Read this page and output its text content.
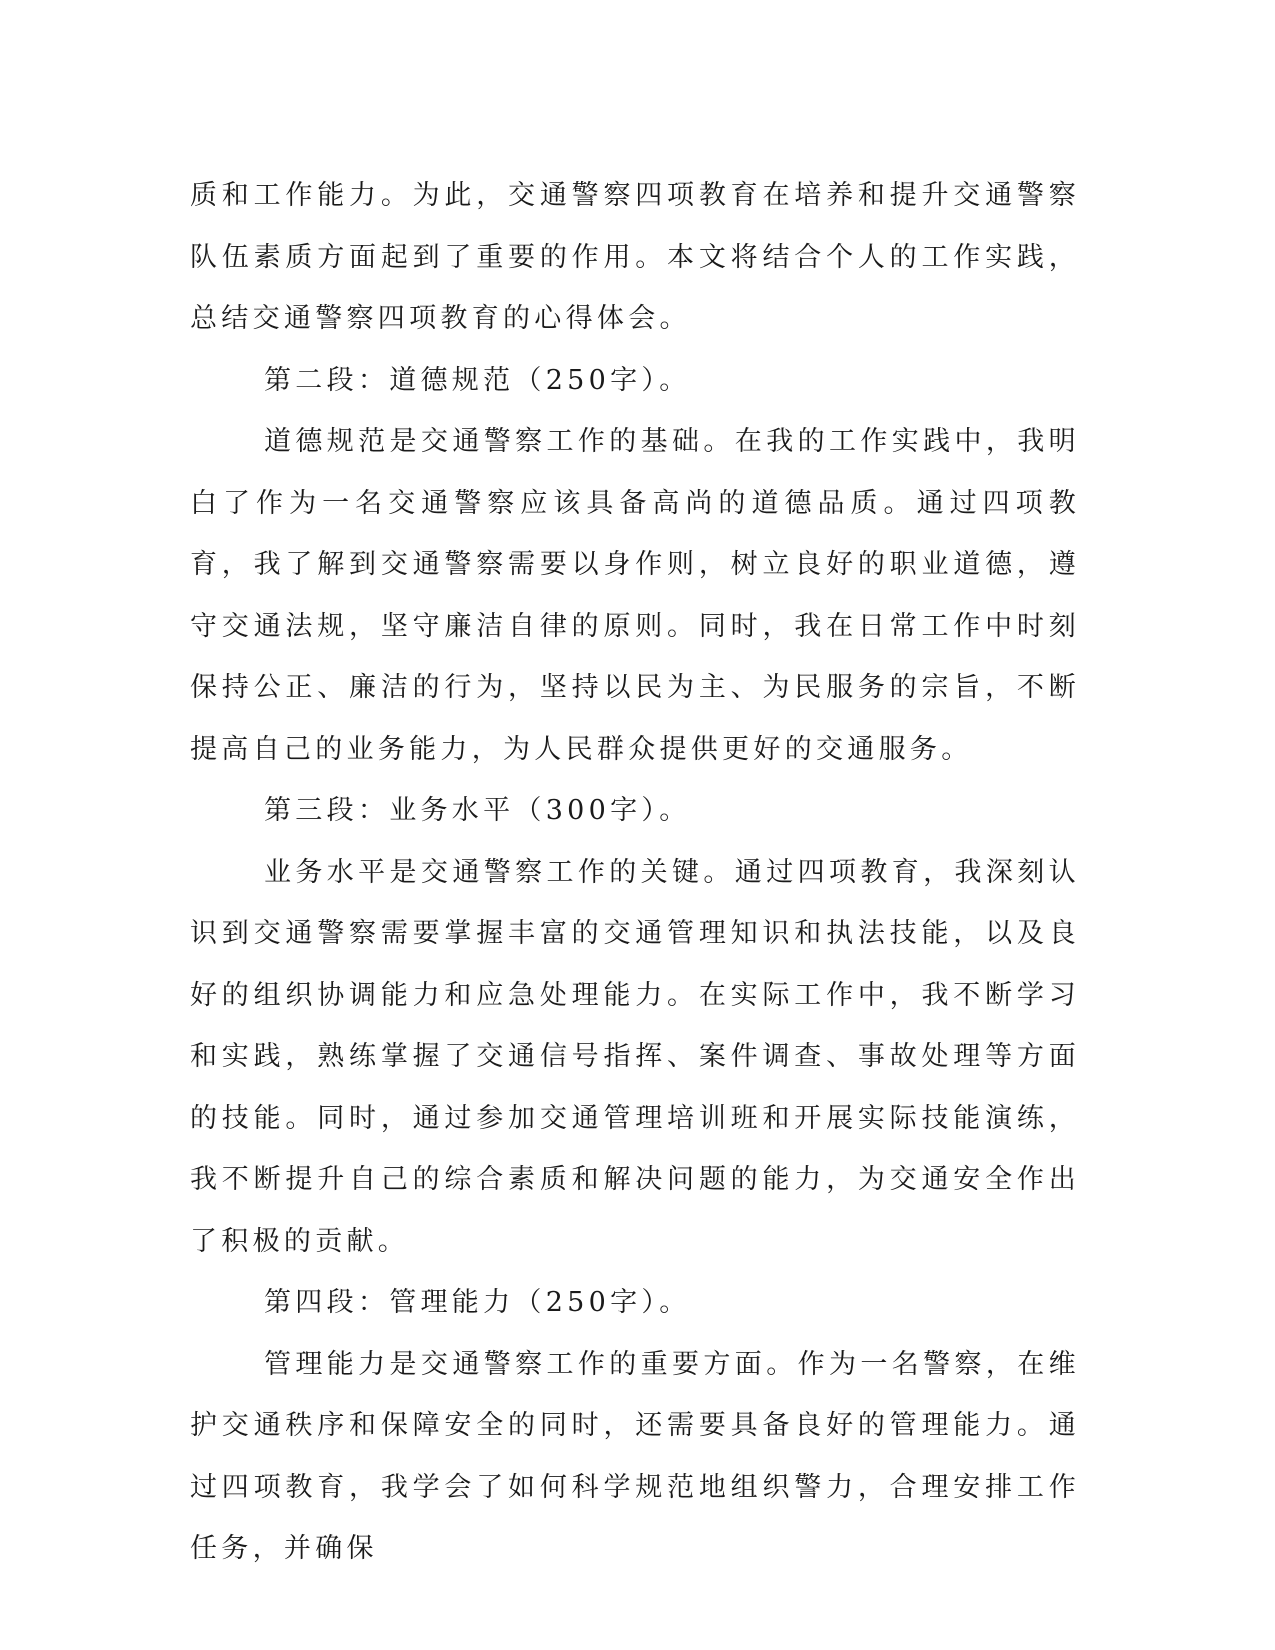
质和工作能力。为此，交通警察四项教育在培养和提升交通警察队伍素质方面起到了重要的作用。本文将结合个人的工作实践，总结交通警察四项教育的心得体会。

第二段：道德规范（250字）。

道德规范是交通警察工作的基础。在我的工作实践中，我明白了作为一名交通警察应该具备高尚的道德品质。通过四项教育，我了解到交通警察需要以身作则，树立良好的职业道德，遵守交通法规，坚守廉洁自律的原则。同时，我在日常工作中时刻保持公正、廉洁的行为，坚持以民为主、为民服务的宗旨，不断提高自己的业务能力，为人民群众提供更好的交通服务。

第三段：业务水平（300字）。

业务水平是交通警察工作的关键。通过四项教育，我深刻认识到交通警察需要掌握丰富的交通管理知识和执法技能，以及良好的组织协调能力和应急处理能力。在实际工作中，我不断学习和实践，熟练掌握了交通信号指挥、案件调查、事故处理等方面的技能。同时，通过参加交通管理培训班和开展实际技能演练，我不断提升自己的综合素质和解决问题的能力，为交通安全作出了积极的贡献。

第四段：管理能力（250字）。

管理能力是交通警察工作的重要方面。作为一名警察，在维护交通秩序和保障安全的同时，还需要具备良好的管理能力。通过四项教育，我学会了如何科学规范地组织警力，合理安排工作任务，并确保
